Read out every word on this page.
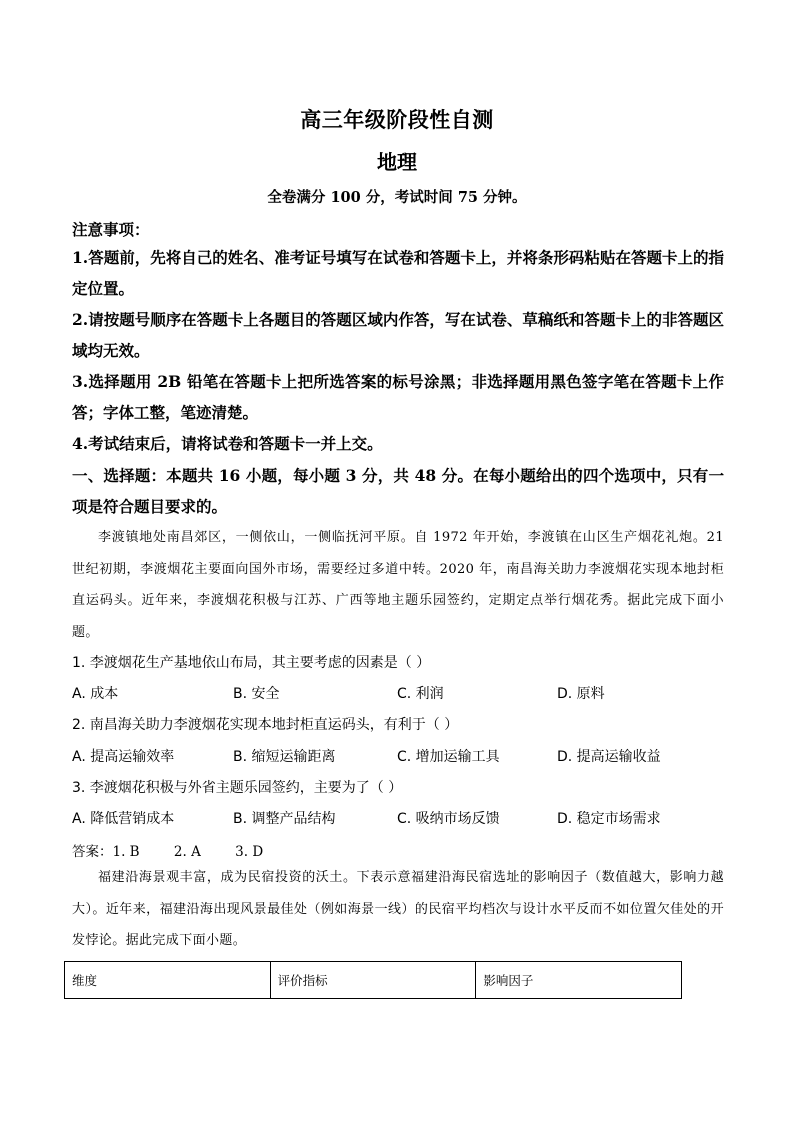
高三年级阶段性自测
地理
全卷满分 100 分，考试时间 75 分钟。
注意事项：

1.答题前，先将自己的姓名、准考证号填写在试卷和答题卡上，并将条形码粘贴在答题卡上的指定位置。

2.请按题号顺序在答题卡上各题目的答题区域内作答，写在试卷、草稿纸和答题卡上的非答题区域均无效。

3.选择题用 2B 铅笔在答题卡上把所选答案的标号涂黑；非选择题用黑色签字笔在答题卡上作答；字体工整，笔迹清楚。

4.考试结束后，请将试卷和答题卡一并上交。

一、选择题：本题共 16 小题，每小题 3 分，共 48 分。在每小题给出的四个选项中，只有一项是符合题目要求的。

李渡镇地处南昌郊区，一侧依山，一侧临抚河平原。自 1972 年开始，李渡镇在山区生产烟花礼炮。21 世纪初期，李渡烟花主要面向国外市场，需要经过多道中转。2020 年，南昌海关助力李渡烟花实现本地封柜直运码头。近年来，李渡烟花积极与江苏、广西等地主题乐园签约，定期定点举行烟花秀。据此完成下面小题。

1. 李渡烟花生产基地依山布局，其主要考虑的因素是（ ）
A. 成本	B. 安全	C. 利润	D. 原料
2. 南昌海关助力李渡烟花实现本地封柜直运码头，有利于（ ）
A. 提高运输效率	B. 缩短运输距离	C. 增加运输工具	D. 提高运输收益
3. 李渡烟花积极与外省主题乐园签约，主要为了（ ）
A. 降低营销成本	B. 调整产品结构	C. 吸纳市场反馈	D. 稳定市场需求
答案：1. B        2. A        3. D

福建沿海景观丰富，成为民宿投资的沃土。下表示意福建沿海民宿选址的影响因子（数值越大，影响力越大）。近年来，福建沿海出现风景最佳处（例如海景一线）的民宿平均档次与设计水平反而不如位置欠佳处的开发悖论。据此完成下面小题。

维度	评价指标	影响因子
